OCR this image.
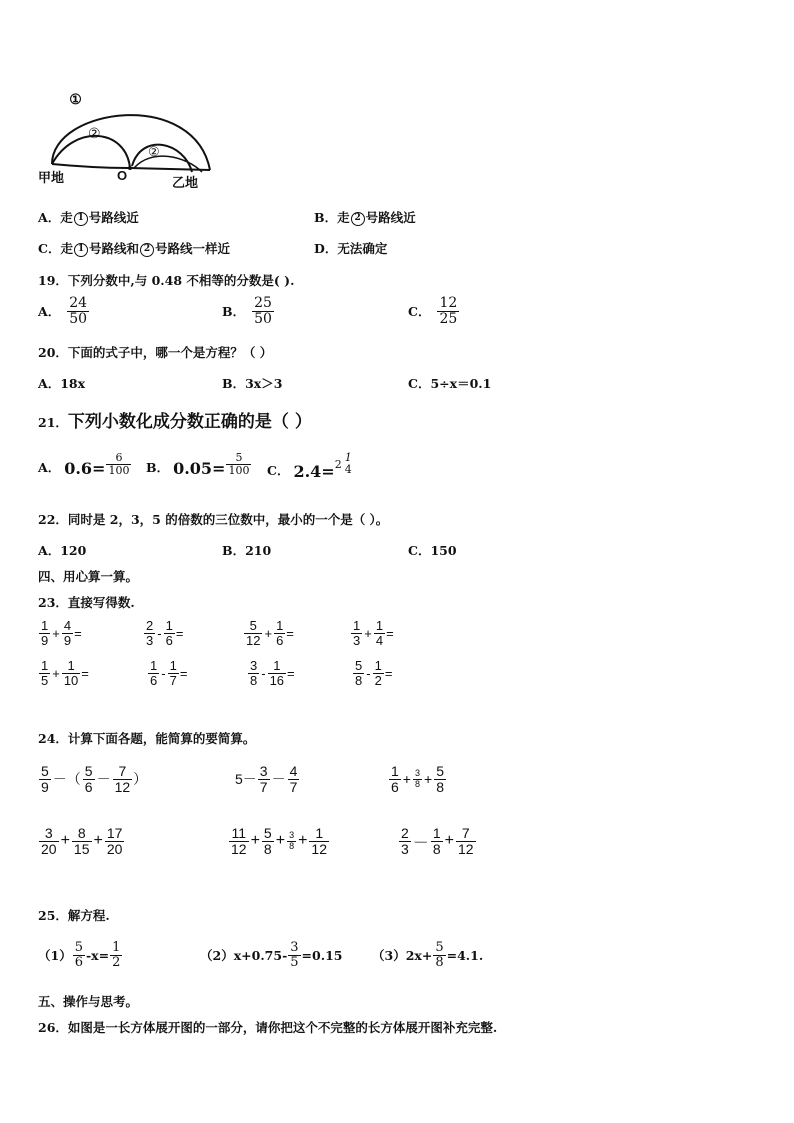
①
②
②
甲地	O	乙地
A．走 1 号路线近	B．走 2 号路线近
C．走 1 号路线和 2 号路线一样近	D．无法确定
19．下列分数中,与 0.48 不相等的分数是( ).
A． $\frac{24}{50}$	B． $\frac{25}{50}$	C． $\frac{12}{25}$
20．下面的式子中，哪一个是方程？（ ）
A．18x	B．3x＞3	C．5÷x＝0.1
21． 下列小数化成分数正确的是（ ）
A． $0.6= \frac{6}{100}$ B． $0.05= \frac{5}{100}$ C． 2.4= 2
1
4
22．同时是 2，3，5 的倍数的三位数中，最小的一个是（ ）。
A．120	B．210	C．150
四、用心算一算。
23．直接写得数.
$\frac{1}{9} + \frac{4}{9}$ =	$\frac{2}{3} - \frac{1}{6}$ =	$\frac{5}{12} + \frac{1}{6}$ =	$\frac{1}{3} + \frac{1}{4}$ =
$\frac{1}{5} + \frac{1}{10}$ =	$\frac{1}{6} - \frac{1}{7}$ =	$\frac{3}{8} - \frac{1}{16}$ =	$\frac{5}{8} - \frac{1}{2}$ =
24．计算下面各题，能简算的要简算。
$\frac{5}{9}$ －（ $\frac{5}{6} - \frac{7}{12}$ ）	$5- \frac{3}{7} - \frac{4}{7}$	$\frac{1}{6} + \frac{3}{8} + \frac{5}{8}$
$\frac{3}{20} + \frac{8}{15} + \frac{17}{20}$	$\frac{11}{12} + \frac{5}{8} + \frac{3}{8} + \frac{1}{12}$	$\frac{2}{3} - \frac{1}{8} + \frac{7}{12}$
25．解方程.
$(1) \frac{5}{6} -x= \frac{1}{2}$	$(2)x+0.75- \frac{3}{5} =0.15$ $(3)2x+ \frac{5}{8} =4.1$.
五、操作与思考。
26．如图是一长方体展开图的一部分，请你把这个不完整的长方体展开图补充完整.
